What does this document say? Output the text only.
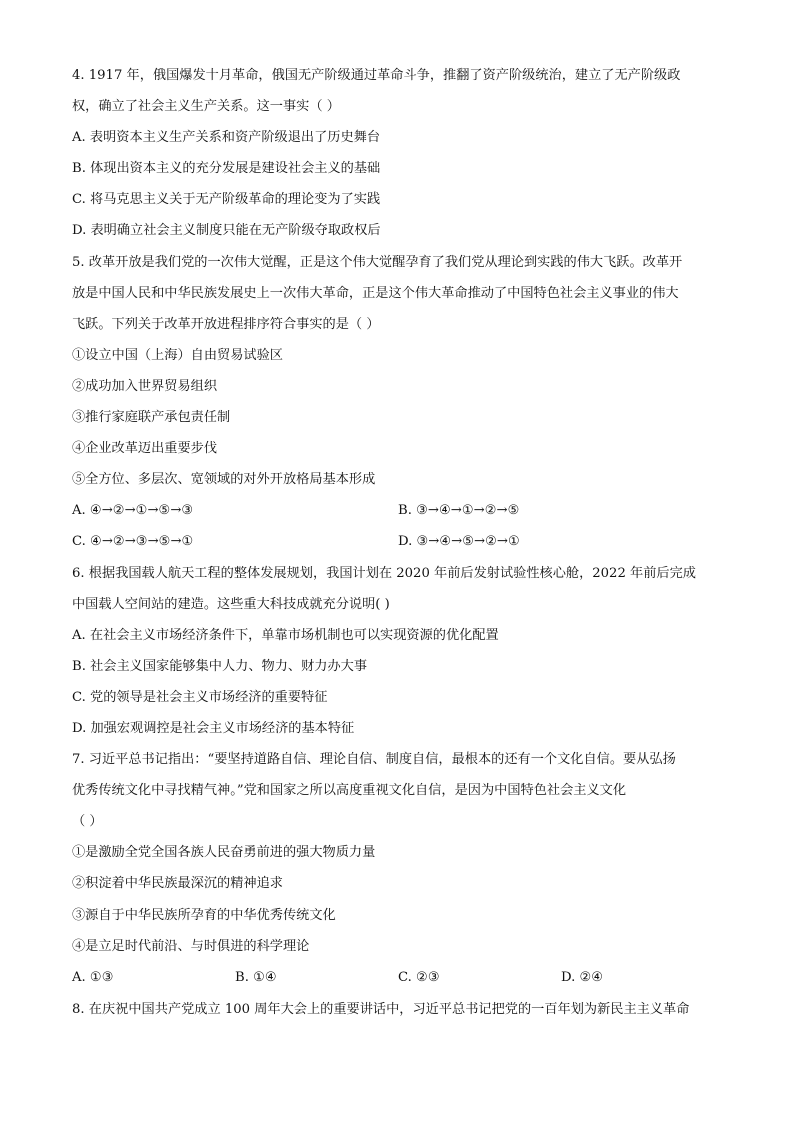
4. 1917 年，俄国爆发十月革命，俄国无产阶级通过革命斗争，推翻了资产阶级统治，建立了无产阶级政
权，确立了社会主义生产关系。这一事实（ ）
A. 表明资本主义生产关系和资产阶级退出了历史舞台
B. 体现出资本主义的充分发展是建设社会主义的基础
C. 将马克思主义关于无产阶级革命的理论变为了实践
D. 表明确立社会主义制度只能在无产阶级夺取政权后
5. 改革开放是我们党的一次伟大觉醒，正是这个伟大觉醒孕育了我们党从理论到实践的伟大飞跃。改革开
放是中国人民和中华民族发展史上一次伟大革命，正是这个伟大革命推动了中国特色社会主义事业的伟大
飞跃。下列关于改革开放进程排序符合事实的是（ ）
①设立中国（上海）自由贸易试验区
②成功加入世界贸易组织
③推行家庭联产承包责任制
④企业改革迈出重要步伐
⑤全方位、多层次、宽领域的对外开放格局基本形成
A. ④→②→①→⑤→③	B. ③→④→①→②→⑤
C. ④→②→③→⑤→①	D. ③→④→⑤→②→①
6. 根据我国载人航天工程的整体发展规划，我国计划在 2020 年前后发射试验性核心舱，2022 年前后完成
中国载人空间站的建造。这些重大科技成就充分说明( )
A. 在社会主义市场经济条件下，单靠市场机制也可以实现资源的优化配置
B. 社会主义国家能够集中人力、物力、财力办大事
C. 党的领导是社会主义市场经济的重要特征
D. 加强宏观调控是社会主义市场经济的基本特征
7. 习近平总书记指出：“要坚持道路自信、理论自信、制度自信，最根本的还有一个文化自信。要从弘扬
优秀传统文化中寻找精气神。”党和国家之所以高度重视文化自信，是因为中国特色社会主义文化
（ ）
①是激励全党全国各族人民奋勇前进的强大物质力量
②积淀着中华民族最深沉的精神追求
③源自于中华民族所孕育的中华优秀传统文化
④是立足时代前沿、与时俱进的科学理论
A. ①③	B. ①④	C. ②③	D. ②④
8. 在庆祝中国共产党成立 100 周年大会上的重要讲话中，习近平总书记把党的一百年划为新民主主义革命
